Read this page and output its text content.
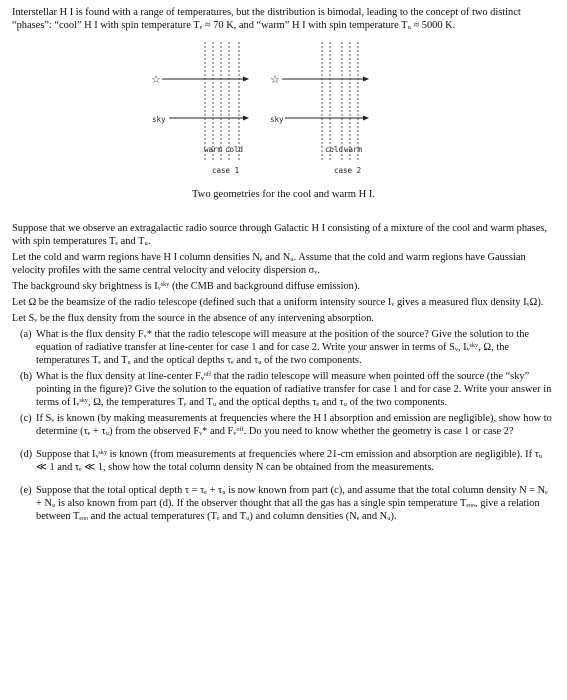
Interstellar H I is found with a range of temperatures, but the distribution is bimodal, leading to the concept of two distinct “phases”: “cool” H I with spin temperature Tₑ ≈ 70 K, and “warm” H I with spin temperature Tᵤ ≈ 5000 K.

☆
sky
warm cold
case 1
☆
sky
cold warm
case 2
Two geometries for the cool and warm H I.

Suppose that we observe an extragalactic radio source through Galactic H I consisting of a mixture of the cool and warm phases, with spin temperatures Tₑ and Tᵤ.

Let the cold and warm regions have H I column densities Nₑ and Nᵤ. Assume that the cold and warm regions have Gaussian velocity profiles with the same central velocity and velocity dispersion σᵥ.

The background sky brightness is Iᵥˢᵏʸ (the CMB and background diffuse emission).

Let Ω be the beamsize of the radio telescope (defined such that a uniform intensity source Iᵥ gives a measured flux density IᵥΩ).

Let Sᵥ be the flux density from the source in the absence of any intervening absorption.

(a) What is the flux density Fᵥ* that the radio telescope will measure at the position of the source? Give the solution to the equation of radiative transfer at line-center for case 1 and for case 2. Write your answer in terms of Sᵥ, Iᵥˢᵏʸ, Ω, the temperatures Tₑ and Tᵤ and the optical depths τₑ and τᵤ of the two components.
(b) What is the flux density at line-center Fᵥᵒᶠᶠ that the radio telescope will measure when pointed off the source (the “sky” pointing in the figure)? Give the solution to the equation of radiative transfer for case 1 and for case 2. Write your answer in terms of Iᵥˢᵏʸ, Ω, the temperatures Tₑ and Tᵤ and the optical depths τₑ and τᵤ of the two components.
(c) If Sᵥ is known (by making measurements at frequencies where the H I absorption and emission are negligible), show how to determine (τₑ + τᵤ) from the observed Fᵥ* and Fᵥᵒᶠᶠ. Do you need to know whether the geometry is case 1 or case 2?
(d) Suppose that Iᵥˢᵏʸ is known (from measurements at frequencies where 21-cm emission and absorption are negligible). If τᵤ ≪ 1 and τₑ ≪ 1, show how the total column density N can be obtained from the measurements.
(e) Suppose that the total optical depth τ = τₑ + τᵤ is now known from part (c), and assume that the total column density N = Nₑ + Nᵤ is also known from part (d). If the observer thought that all the gas has a single spin temperature Tₑₒₒ, give a relation between Tₑₒₒ and the actual temperatures (Tₑ and Tᵤ) and column densities (Nₑ and Nᵤ).
